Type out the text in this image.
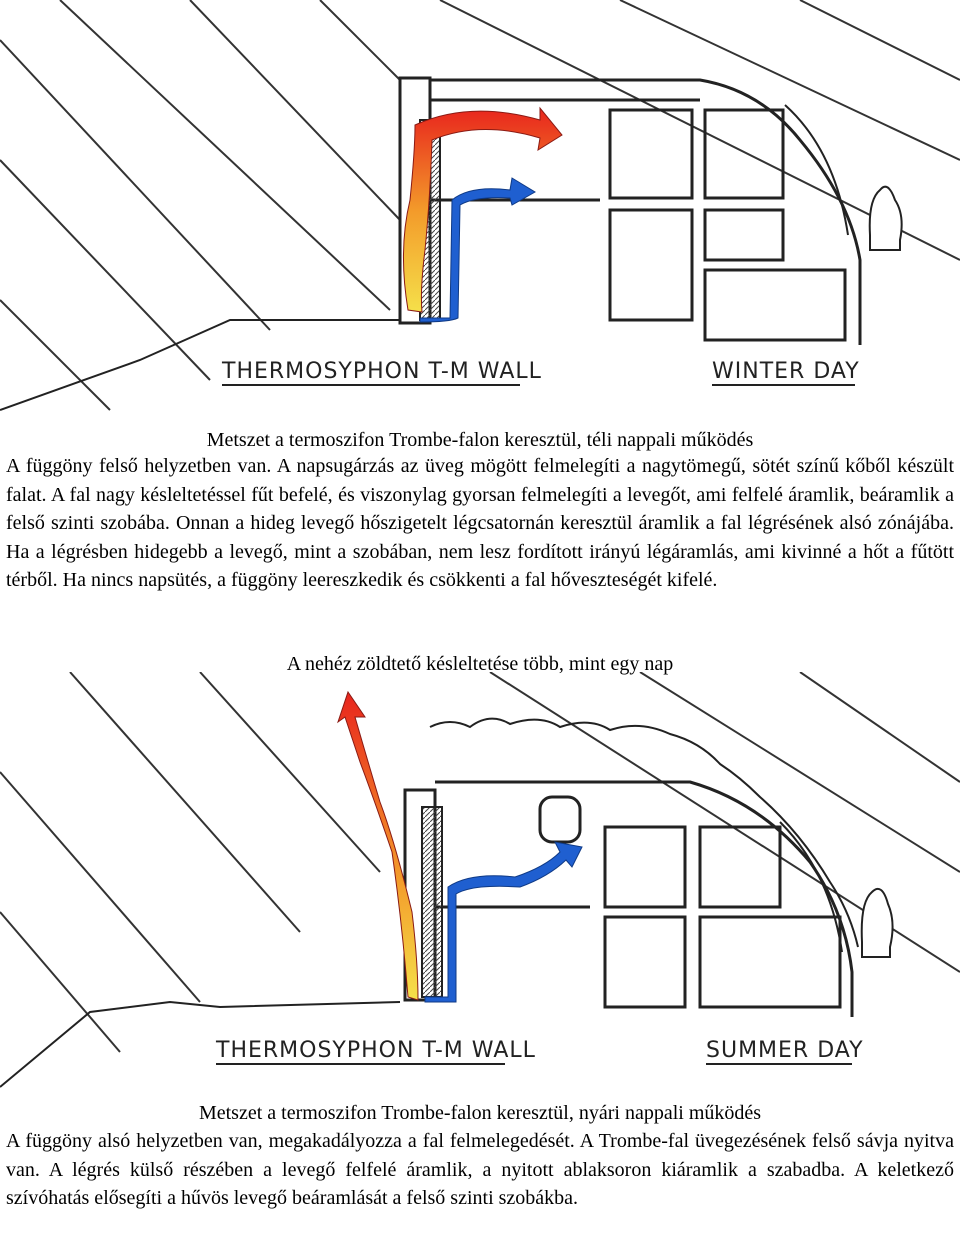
THERMOSYPHON T-M WALL	WINTER DAY
Metszet a termoszifon Trombe-falon keresztül, téli nappali működés
A függöny felső helyzetben van. A napsugárzás az üveg mögött felmelegíti a nagytömegű, sötét színű kőből készült falat. A fal nagy késleltetéssel fűt befelé, és viszonylag gyorsan felmelegíti a levegőt, ami felfelé áramlik, beáramlik a felső szinti szobába. Onnan a hideg levegő hőszigetelt légcsatornán keresztül áramlik a fal légrésének alsó zónájába. Ha a légrésben hidegebb a levegő, mint a szobában, nem lesz fordított irányú légáramlás, ami kivinné a hőt a fűtött térből. Ha nincs napsütés, a függöny leereszkedik és csökkenti a fal hőveszteségét kifelé.
A nehéz zöldtető késleltetése több, mint egy nap
THERMOSYPHON T-M WALL	SUMMER DAY
Metszet a termoszifon Trombe-falon keresztül, nyári nappali működés
A függöny alsó helyzetben van, megakadályozza a fal felmelegedését. A Trombe-fal üvegezésének felső sávja nyitva van. A légrés külső részében a levegő felfelé áramlik, a nyitott ablaksoron kiáramlik a szabadba. A keletkező szívóhatás elősegíti a hűvös levegő beáramlását a felső szinti szobákba.
